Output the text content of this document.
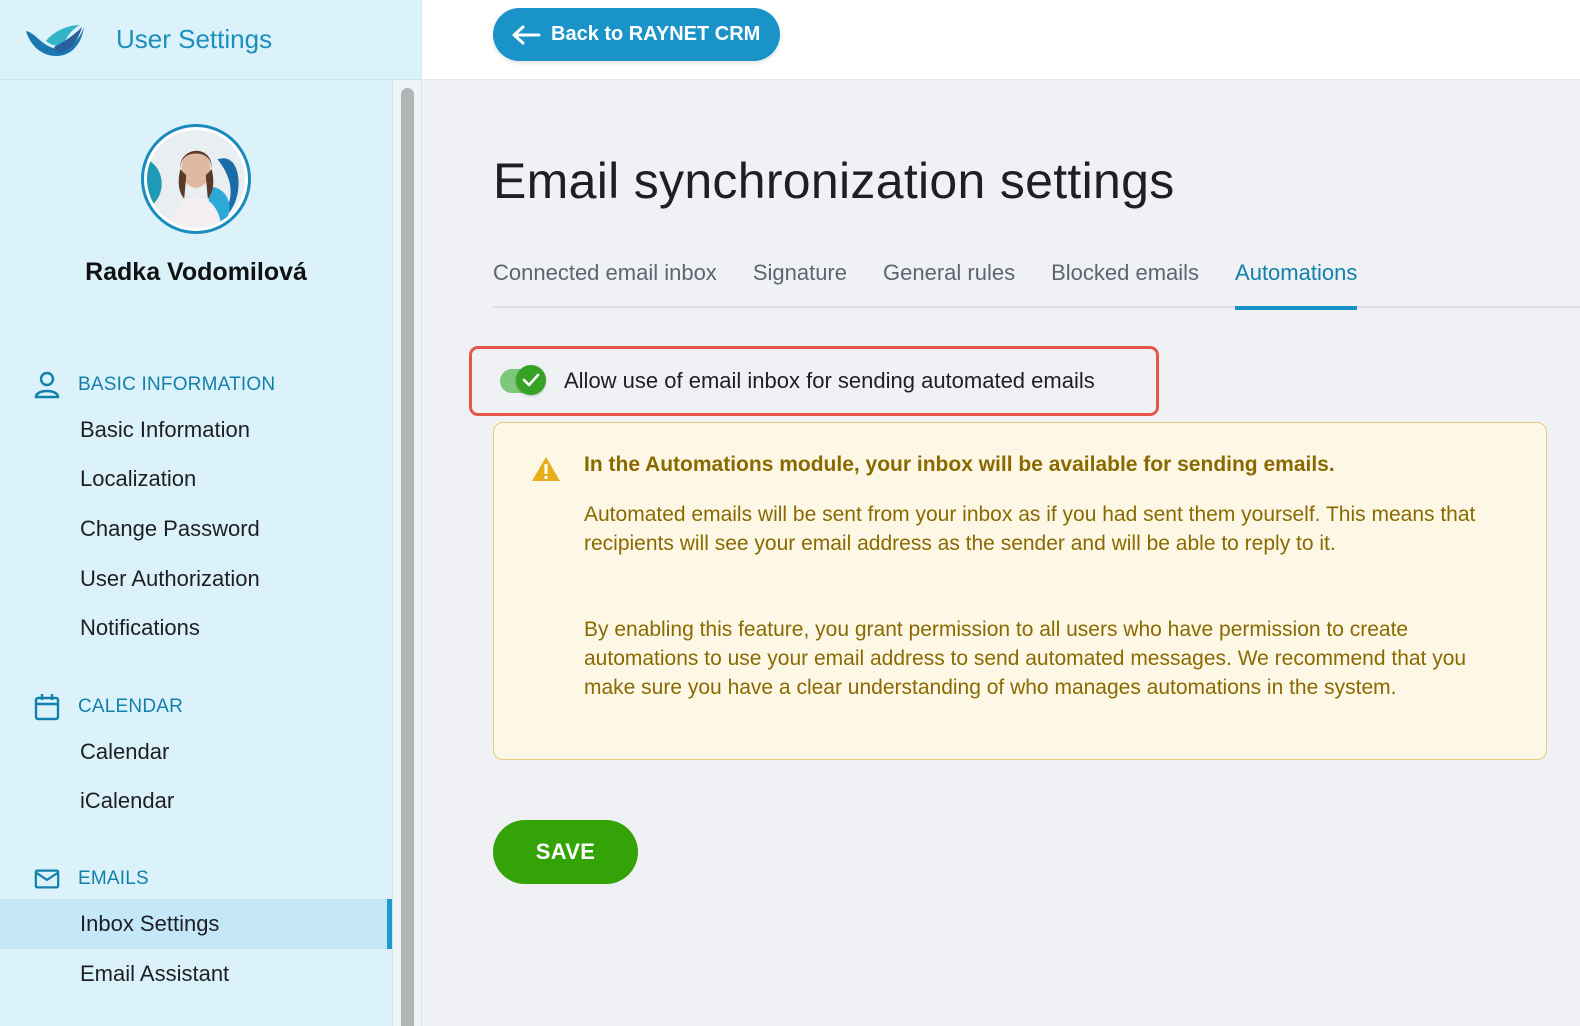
User Settings
Radka Vodomilová
BASIC INFORMATION
Basic Information
Localization
Change Password
User Authorization
Notifications
CALENDAR
Calendar
iCalendar
EMAILS
Inbox Settings
Email Assistant
Back to RAYNET CRM
Email synchronization settings
Connected email inbox Signature General rules Blocked emails Automations
Allow use of email inbox for sending automated emails
In the Automations module, your inbox will be available for sending emails.
Automated emails will be sent from your inbox as if you had sent them yourself. This means that recipients will see your email address as the sender and will be able to reply to it.
By enabling this feature, you grant permission to all users who have permission to create automations to use your email address to send automated messages. We recommend that you make sure you have a clear understanding of who manages automations in the system.
SAVE
